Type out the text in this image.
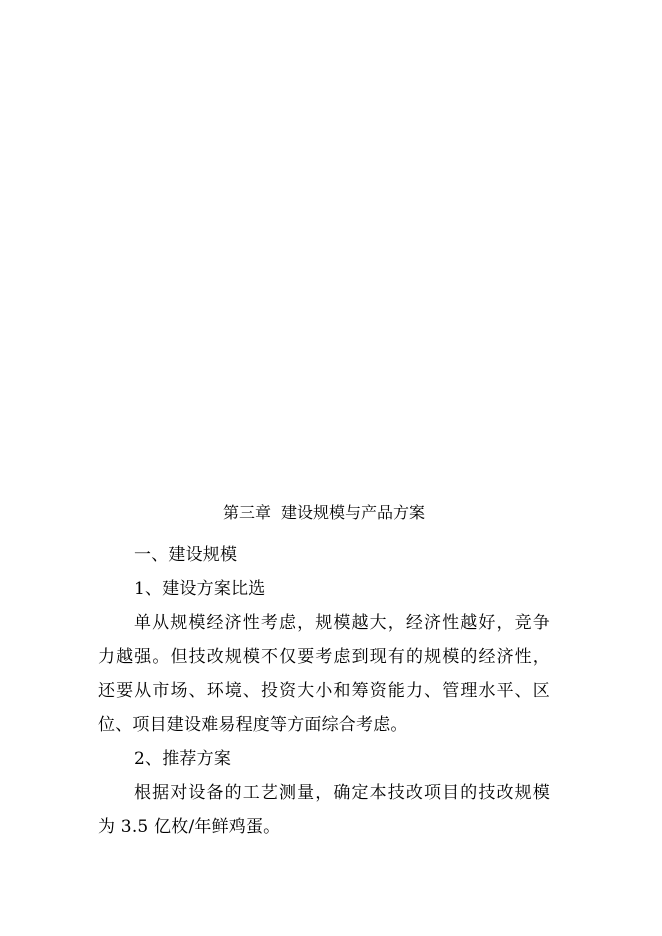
第三章 建设规模与产品方案
一、建设规模
1、建设方案比选
单从规模经济性考虑，规模越大，经济性越好，竞争
力越强。但技改规模不仅要考虑到现有的规模的经济性，
还要从市场、环境、投资大小和筹资能力、管理水平、区
位、项目建设难易程度等方面综合考虑。
2、推荐方案
根据对设备的工艺测量，确定本技改项目的技改规模
为 3.5 亿枚/年鲜鸡蛋。
